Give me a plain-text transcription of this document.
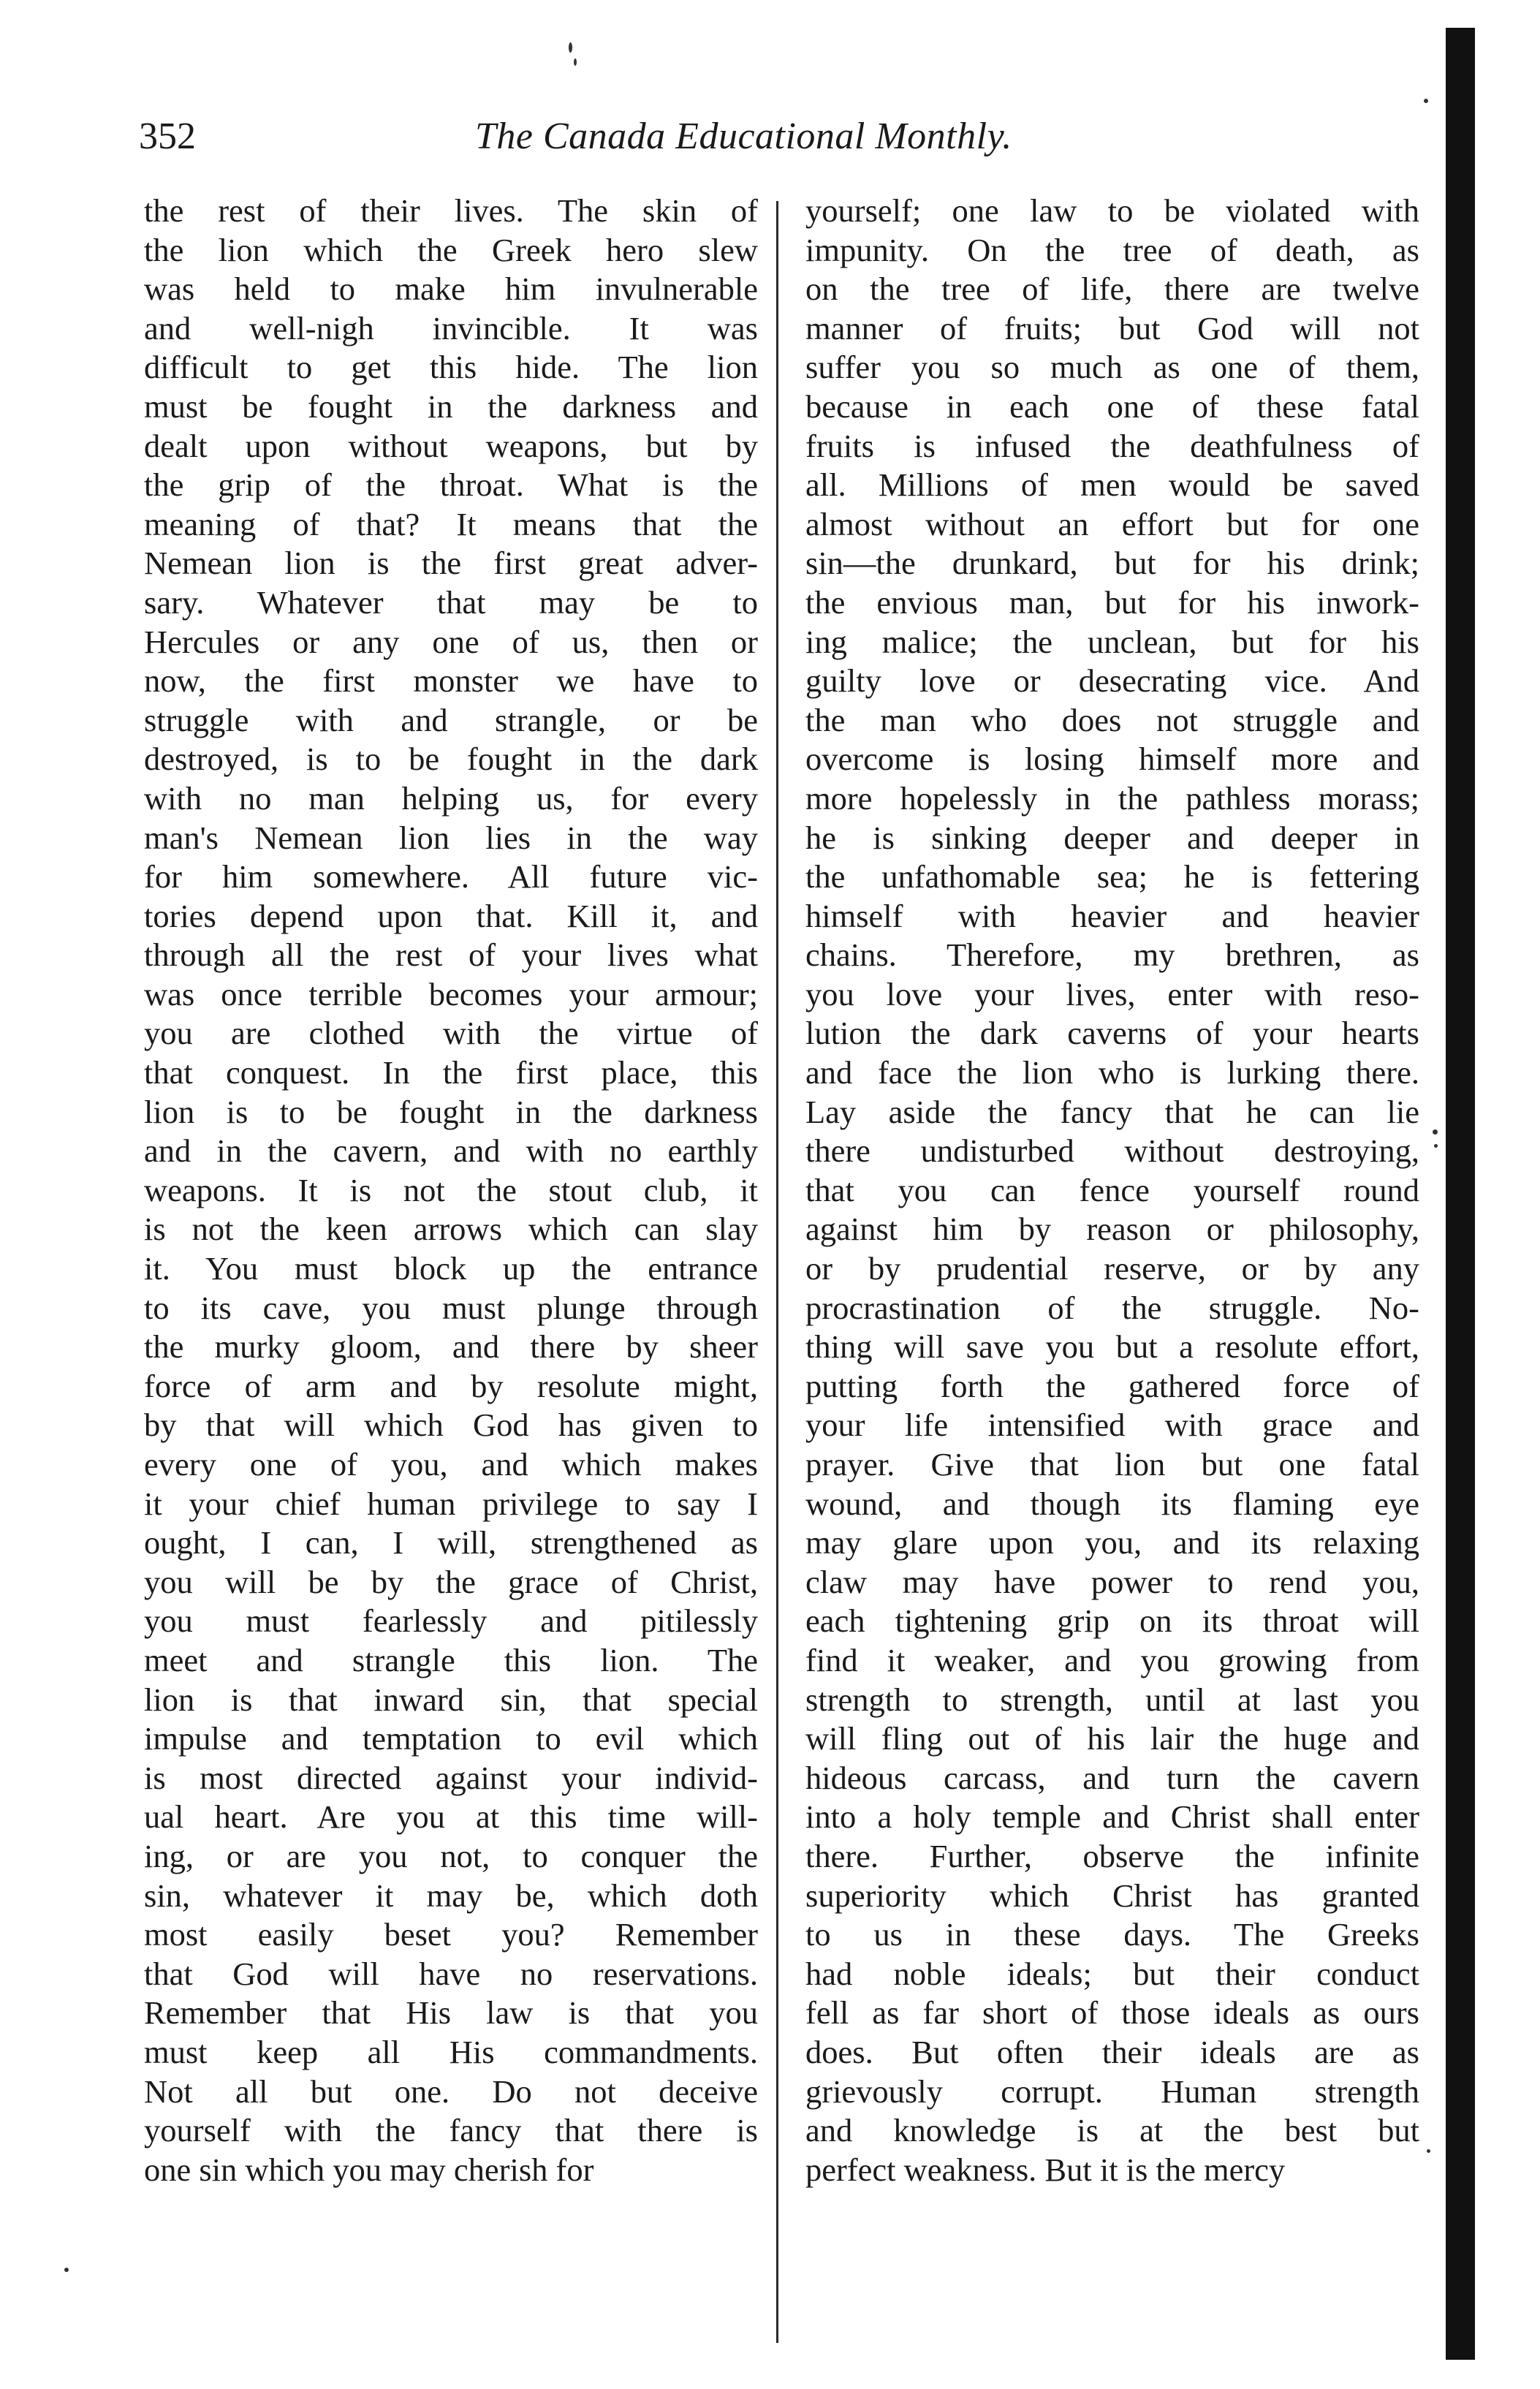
352	The Canada Educational Monthly.
the rest of their lives. The skin of
the lion which the Greek hero slew
was held to make him invulnerable
and well-nigh invincible. It was
difficult to get this hide. The lion
must be fought in the darkness and
dealt upon without weapons, but by
the grip of the throat. What is the
meaning of that? It means that the
Nemean lion is the first great adver-
sary. Whatever that may be to
Hercules or any one of us, then or
now, the first monster we have to
struggle with and strangle, or be
destroyed, is to be fought in the dark
with no man helping us, for every
man's Nemean lion lies in the way
for him somewhere. All future vic-
tories depend upon that. Kill it, and
through all the rest of your lives what
was once terrible becomes your armour;
you are clothed with the virtue of
that conquest. In the first place, this
lion is to be fought in the darkness
and in the cavern, and with no earthly
weapons. It is not the stout club, it
is not the keen arrows which can slay
it. You must block up the entrance
to its cave, you must plunge through
the murky gloom, and there by sheer
force of arm and by resolute might,
by that will which God has given to
every one of you, and which makes
it your chief human privilege to say I
ought, I can, I will, strengthened as
you will be by the grace of Christ,
you must fearlessly and pitilessly
meet and strangle this lion. The
lion is that inward sin, that special
impulse and temptation to evil which
is most directed against your individ-
ual heart. Are you at this time will-
ing, or are you not, to conquer the
sin, whatever it may be, which doth
most easily beset you? Remember
that God will have no reservations.
Remember that His law is that you
must keep all His commandments.
Not all but one. Do not deceive
yourself with the fancy that there is
one sin which you may cherish for
yourself; one law to be violated with
impunity. On the tree of death, as
on the tree of life, there are twelve
manner of fruits; but God will not
suffer you so much as one of them,
because in each one of these fatal
fruits is infused the deathfulness of
all. Millions of men would be saved
almost without an effort but for one
sin—the drunkard, but for his drink;
the envious man, but for his inwork-
ing malice; the unclean, but for his
guilty love or desecrating vice. And
the man who does not struggle and
overcome is losing himself more and
more hopelessly in the pathless morass;
he is sinking deeper and deeper in
the unfathomable sea; he is fettering
himself with heavier and heavier
chains. Therefore, my brethren, as
you love your lives, enter with reso-
lution the dark caverns of your hearts
and face the lion who is lurking there.
Lay aside the fancy that he can lie
there undisturbed without destroying,
that you can fence yourself round
against him by reason or philosophy,
or by prudential reserve, or by any
procrastination of the struggle. No-
thing will save you but a resolute effort,
putting forth the gathered force of
your life intensified with grace and
prayer. Give that lion but one fatal
wound, and though its flaming eye
may glare upon you, and its relaxing
claw may have power to rend you,
each tightening grip on its throat will
find it weaker, and you growing from
strength to strength, until at last you
will fling out of his lair the huge and
hideous carcass, and turn the cavern
into a holy temple and Christ shall enter
there. Further, observe the infinite
superiority which Christ has granted
to us in these days. The Greeks
had noble ideals; but their conduct
fell as far short of those ideals as ours
does. But often their ideals are as
grievously corrupt. Human strength
and knowledge is at the best but
perfect weakness. But it is the mercy
